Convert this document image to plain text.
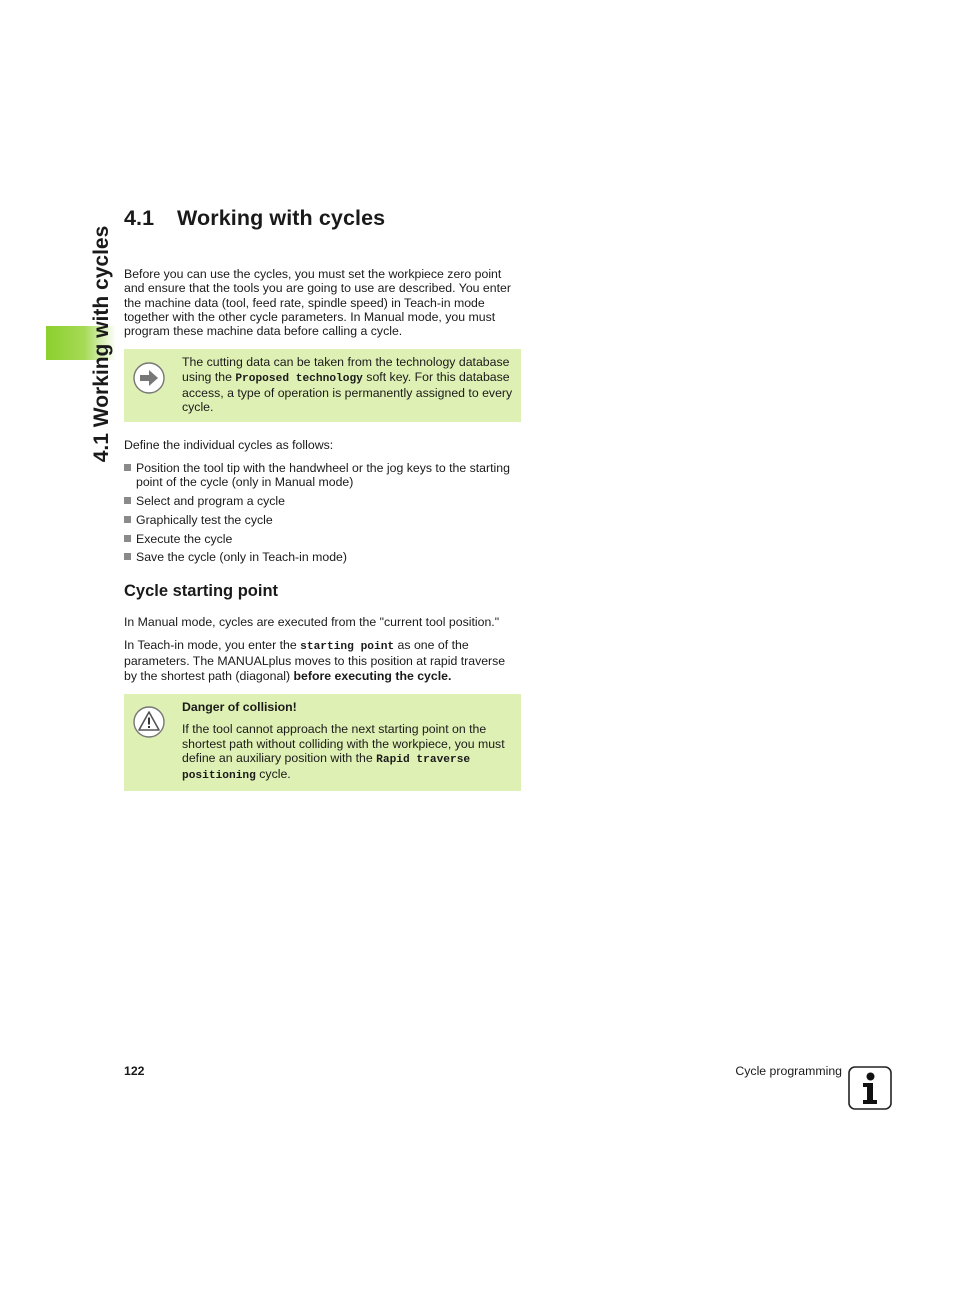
4.1 Working with cycles
4.1 Working with cycles

Before you can use the cycles, you must set the workpiece zero point and ensure that the tools you are going to use are described. You enter the machine data (tool, feed rate, spindle speed) in Teach-in mode together with the other cycle parameters. In Manual mode, you must program these machine data before calling a cycle.

The cutting data can be taken from the technology database using the Proposed technology soft key. For this database access, a type of operation is permanently assigned to every cycle.

Define the individual cycles as follows:

Position the tool tip with the handwheel or the jog keys to the starting point of the cycle (only in Manual mode)
Select and program a cycle
Graphically test the cycle
Execute the cycle
Save the cycle (only in Teach-in mode)
Cycle starting point

In Manual mode, cycles are executed from the "current tool position."

In Teach-in mode, you enter the starting point as one of the parameters. The MANUALplus moves to this position at rapid traverse by the shortest path (diagonal) before executing the cycle.

Danger of collision!

If the tool cannot approach the next starting point on the shortest path without colliding with the workpiece, you must define an auxiliary position with the Rapid traverse positioning cycle.

122	Cycle programming
